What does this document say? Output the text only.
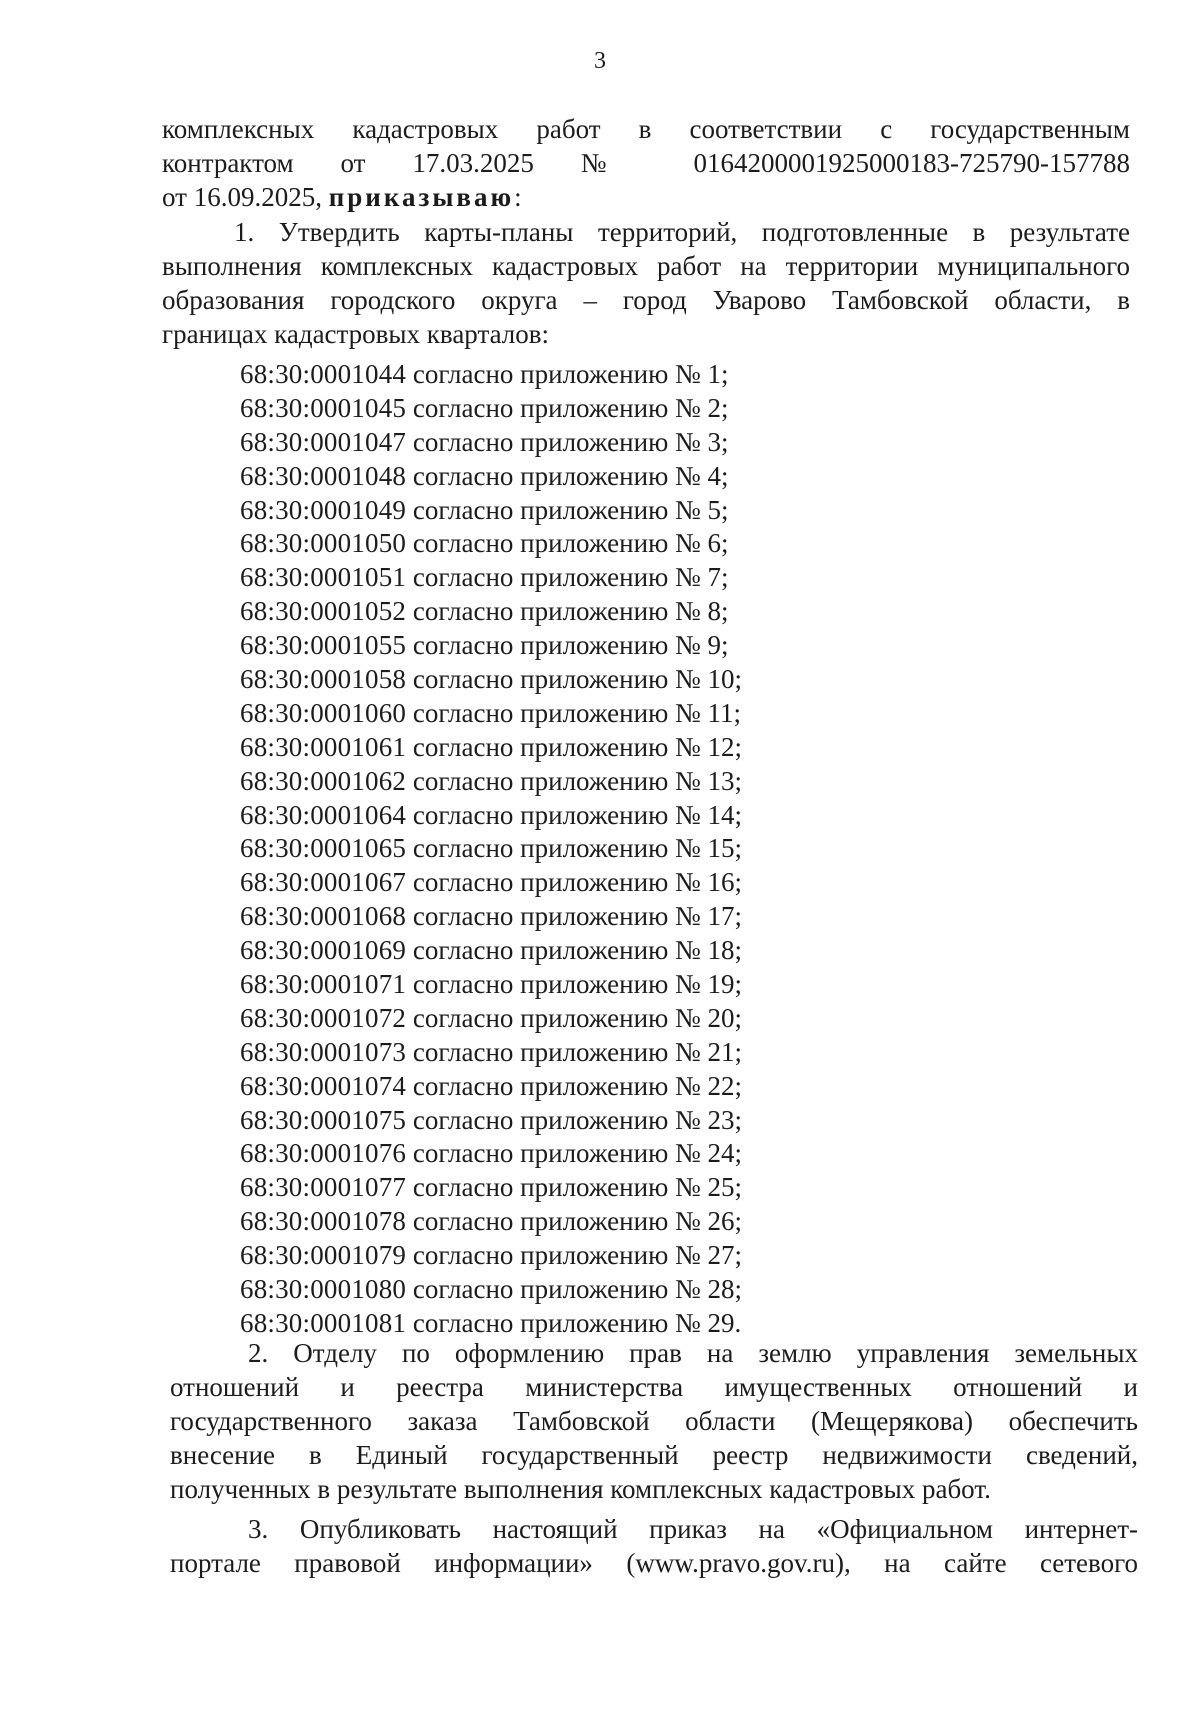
3
комплексных кадастровых работ в соответствии с государственным
контрактом от 17.03.2025 № 0164200001925000183-725790-157788
от 16.09.2025, приказываю:
1. Утвердить карты-планы территорий, подготовленные в результате
выполнения комплексных кадастровых работ на территории муниципального
образования городского округа – город Уварово Тамбовской области, в
границах кадастровых кварталов:
68:30:0001044 согласно приложению № 1;
68:30:0001045 согласно приложению № 2;
68:30:0001047 согласно приложению № 3;
68:30:0001048 согласно приложению № 4;
68:30:0001049 согласно приложению № 5;
68:30:0001050 согласно приложению № 6;
68:30:0001051 согласно приложению № 7;
68:30:0001052 согласно приложению № 8;
68:30:0001055 согласно приложению № 9;
68:30:0001058 согласно приложению № 10;
68:30:0001060 согласно приложению № 11;
68:30:0001061 согласно приложению № 12;
68:30:0001062 согласно приложению № 13;
68:30:0001064 согласно приложению № 14;
68:30:0001065 согласно приложению № 15;
68:30:0001067 согласно приложению № 16;
68:30:0001068 согласно приложению № 17;
68:30:0001069 согласно приложению № 18;
68:30:0001071 согласно приложению № 19;
68:30:0001072 согласно приложению № 20;
68:30:0001073 согласно приложению № 21;
68:30:0001074 согласно приложению № 22;
68:30:0001075 согласно приложению № 23;
68:30:0001076 согласно приложению № 24;
68:30:0001077 согласно приложению № 25;
68:30:0001078 согласно приложению № 26;
68:30:0001079 согласно приложению № 27;
68:30:0001080 согласно приложению № 28;
68:30:0001081 согласно приложению № 29.
2. Отделу по оформлению прав на землю управления земельных
отношений и реестра министерства имущественных отношений и
государственного заказа Тамбовской области (Мещерякова) обеспечить
внесение в Единый государственный реестр недвижимости сведений,
полученных в результате выполнения комплексных кадастровых работ.
3. Опубликовать настоящий приказ на «Официальном интернет-
портале правовой информации» (www.pravo.gov.ru), на сайте сетевого
